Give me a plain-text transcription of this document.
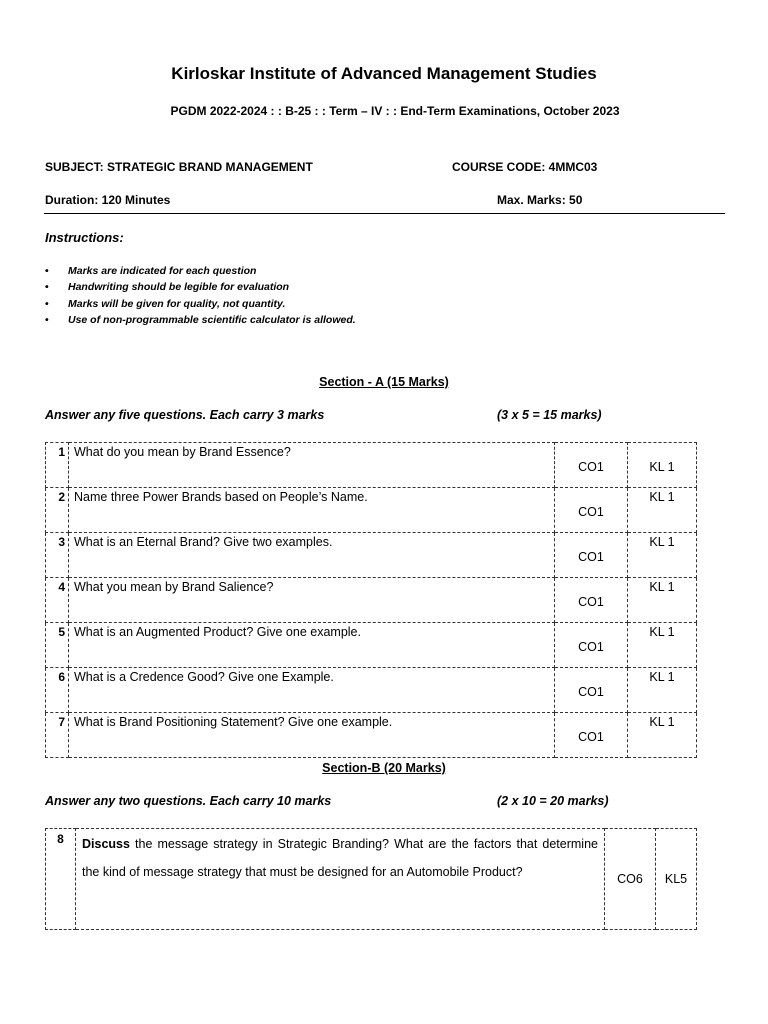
Kirloskar Institute of Advanced Management Studies
PGDM 2022-2024 : : B-25 : : Term – IV : : End-Term Examinations, October 2023
SUBJECT: STRATEGIC BRAND MANAGEMENT	COURSE CODE: 4MMC03
Duration: 120 Minutes	Max. Marks: 50
Instructions:
• Marks are indicated for each question
• Handwriting should be legible for evaluation
• Marks will be given for quality, not quantity.
• Use of non-programmable scientific calculator is allowed.
Section - A (15 Marks)
Answer any five questions. Each carry 3 marks	(3 x 5 = 15 marks)
1	What do you mean by Brand Essence?	CO1	KL 1
2	Name three Power Brands based on People’s Name.	CO1	KL 1
3	What is an Eternal Brand? Give two examples.	CO1	KL 1
4	What you mean by Brand Salience?	CO1	KL 1
5	What is an Augmented Product? Give one example.	CO1	KL 1
6	What is a Credence Good? Give one Example.	CO1	KL 1
7	What is Brand Positioning Statement? Give one example.	CO1	KL 1
Section-B (20 Marks)
Answer any two questions. Each carry 10 marks	(2 x 10 = 20 marks)
8	Discuss the message strategy in Strategic Branding? What are the factors that determine the kind of message strategy that must be designed for an Automobile Product?	CO6	KL5
